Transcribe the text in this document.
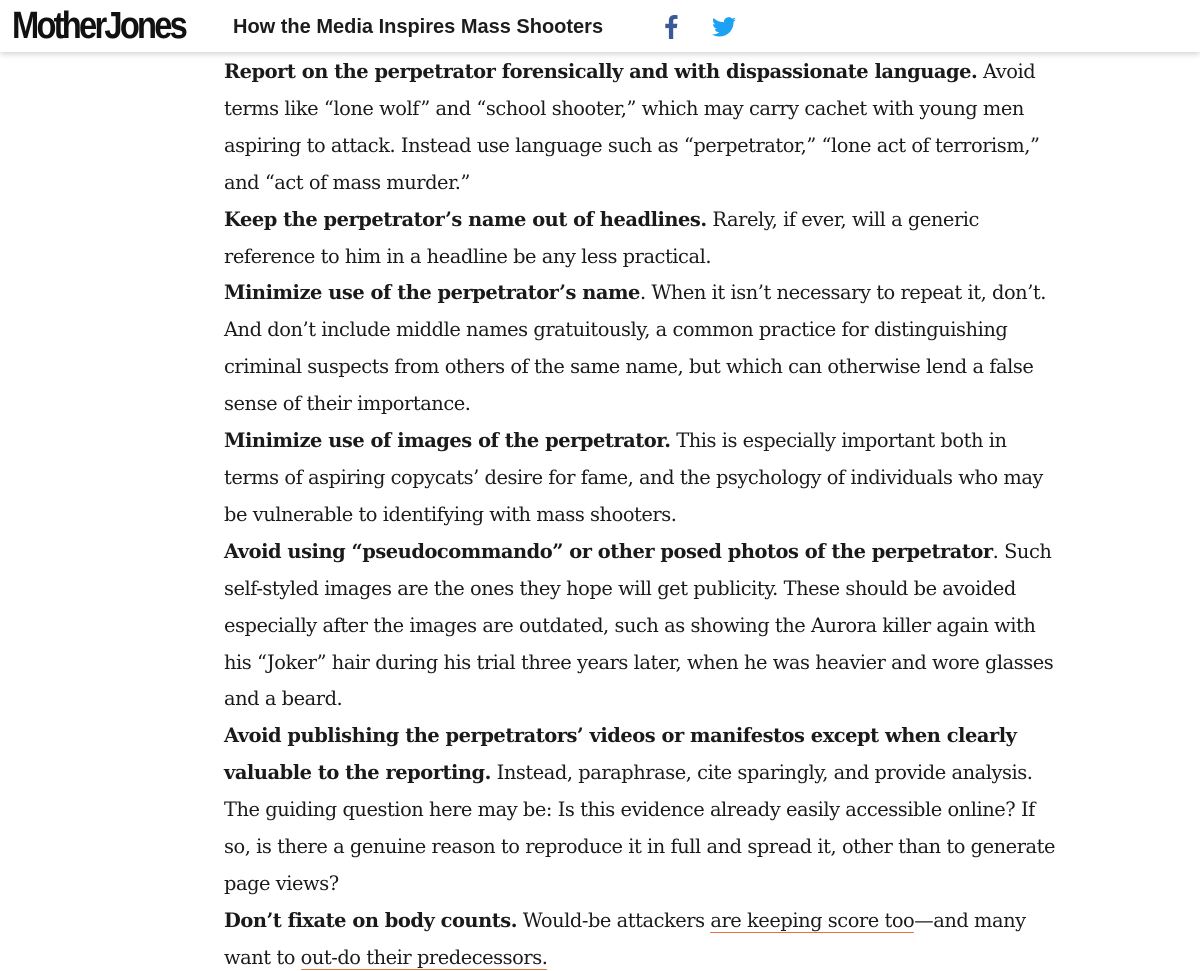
MotherJones How the Media Inspires Mass Shooters

Report on the perpetrator forensically and with dispassionate language. Avoid terms like “lone wolf” and “school shooter,” which may carry cachet with young men aspiring to attack. Instead use language such as “perpetrator,” “lone act of terrorism,” and “act of mass murder.”

Keep the perpetrator’s name out of headlines. Rarely, if ever, will a generic reference to him in a headline be any less practical.

Minimize use of the perpetrator’s name. When it isn’t necessary to repeat it, don’t. And don’t include middle names gratuitously, a common practice for distinguishing criminal suspects from others of the same name, but which can otherwise lend a false sense of their importance.

Minimize use of images of the perpetrator. This is especially important both in terms of aspiring copycats’ desire for fame, and the psychology of individuals who may be vulnerable to identifying with mass shooters.

Avoid using “pseudocommando” or other posed photos of the perpetrator. Such self-styled images are the ones they hope will get publicity. These should be avoided especially after the images are outdated, such as showing the Aurora killer again with his “Joker” hair during his trial three years later, when he was heavier and wore glasses and a beard.

Avoid publishing the perpetrators’ videos or manifestos except when clearly valuable to the reporting. Instead, paraphrase, cite sparingly, and provide analysis. The guiding question here may be: Is this evidence already easily accessible online? If so, is there a genuine reason to reproduce it in full and spread it, other than to generate page views?

Don’t fixate on body counts. Would-be attackers are keeping score too—and many want to out-do their predecessors.
